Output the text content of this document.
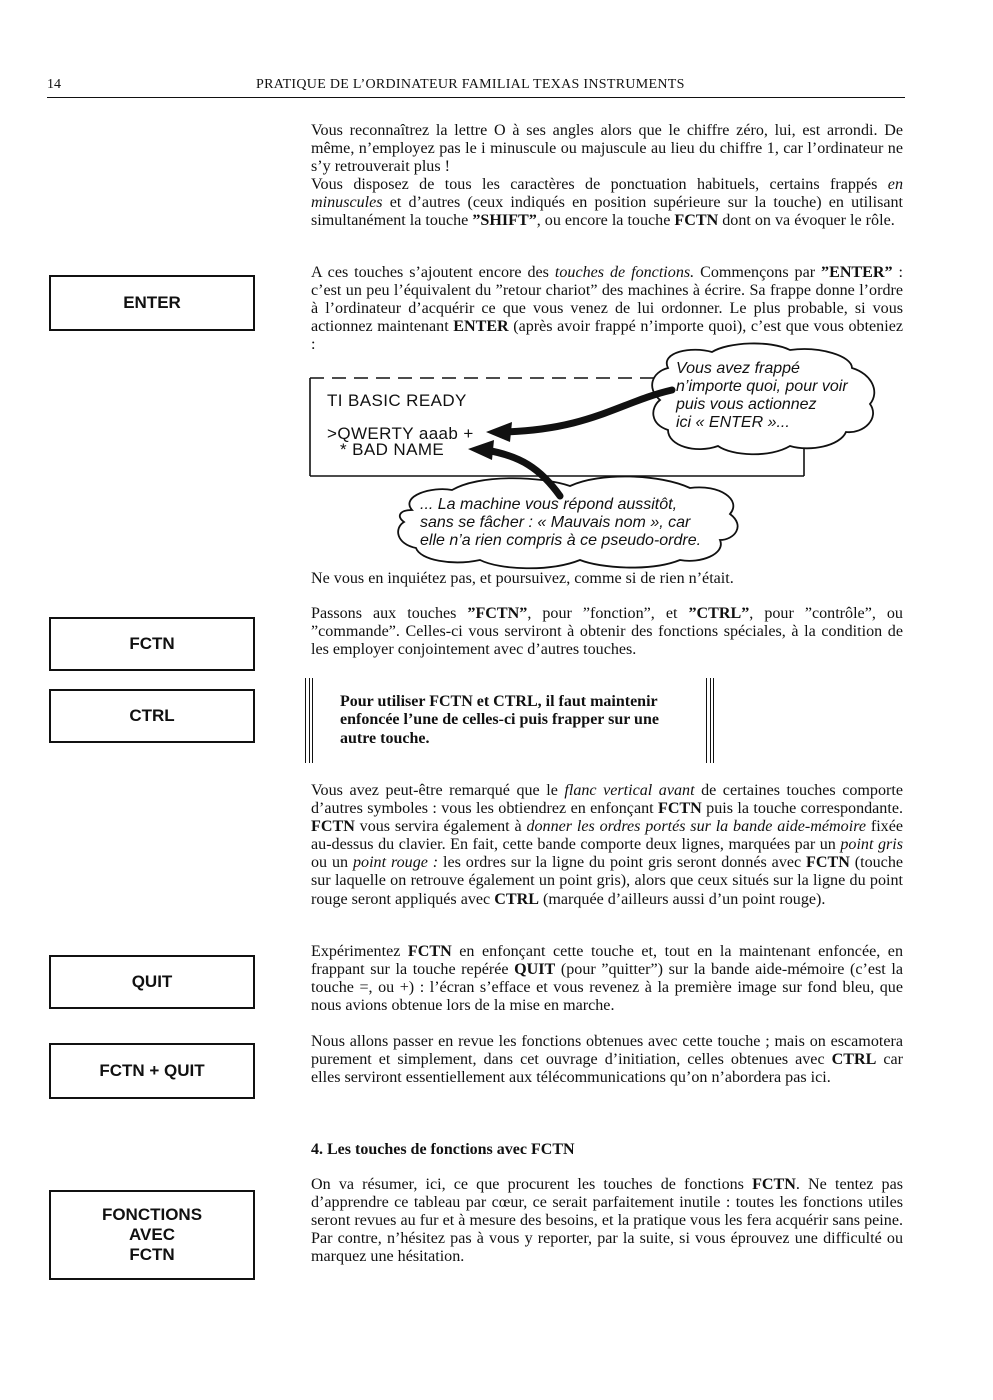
14	PRATIQUE DE L’ORDINATEUR FAMILIAL TEXAS INSTRUMENTS
ENTER
FCTN
CTRL
QUIT
FCTN + QUIT
FONCTIONS
AVEC
FCTN

Vous reconnaîtrez la lettre O à ses angles alors que le chiffre zéro, lui, est arrondi. De même, n’employez pas le i minuscule ou majuscule au lieu du chiffre 1, car l’ordinateur ne s’y retrouverait plus !

Vous disposez de tous les caractères de ponctuation habituels, certains frappés en minuscules et d’autres (ceux indiqués en position supérieure sur la touche) en utilisant simultanément la touche ”SHIFT”, ou encore la touche FCTN dont on va évoquer le rôle.

A ces touches s’ajoutent encore des touches de fonctions. Commençons par ”ENTER” : c’est un peu l’équivalent du ”retour chariot” des machines à écrire. Sa frappe donne l’ordre à l’ordinateur d’acquérir ce que vous venez de lui ordonner. Le plus probable, si vous actionnez maintenant ENTER (après avoir frappé n’importe quoi), c’est que vous obteniez :

Ne vous en inquiétez pas, et poursuivez, comme si de rien n’était.

Passons aux touches ”FCTN”, pour ”fonction”, et ”CTRL”, pour ”contrôle”, ou ”commande”. Celles-ci vous serviront à obtenir des fonctions spéciales, à la condition de les employer conjointement avec d’autres touches.

Vous avez peut-être remarqué que le flanc vertical avant de certaines touches comporte d’autres symboles : vous les obtiendrez en enfonçant FCTN puis la touche correspondante. FCTN vous servira également à donner les ordres portés sur la bande aide-mémoire fixée au-dessus du clavier. En fait, cette bande comporte deux lignes, marquées par un point gris ou un point rouge : les ordres sur la ligne du point gris seront donnés avec FCTN (touche sur laquelle on retrouve également un point gris), alors que ceux situés sur la ligne du point rouge seront appliqués avec CTRL (marquée d’ailleurs aussi d’un point rouge).

Expérimentez FCTN en enfonçant cette touche et, tout en la maintenant enfoncée, en frappant sur la touche repérée QUIT (pour ”quitter”) sur la bande aide-mémoire (c’est la touche =, ou +) : l’écran s’efface et vous revenez à la première image sur fond bleu, que nous avions obtenue lors de la mise en marche.

Nous allons passer en revue les fonctions obtenues avec cette touche ; mais on escamotera purement et simplement, dans cet ouvrage d’initiation, celles obtenues avec CTRL car elles serviront essentiellement aux télécommunications qu’on n’abordera pas ici.

4. Les touches de fonctions avec FCTN

On va résumer, ici, ce que procurent les touches de fonctions FCTN. Ne tentez pas d’apprendre ce tableau par cœur, ce serait parfaitement inutile : toutes les fonctions utiles seront revues au fur et à mesure des besoins, et la pratique vous les fera acquérir sans peine. Par contre, n’hésitez pas à vous y reporter, par la suite, si vous éprouvez une difficulté ou marquez une hésitation.

Pour utiliser FCTN et CTRL, il faut maintenir enfoncée l’une de celles-ci puis frapper sur une autre touche.

TI BASIC READY
>QWERTY aaab +
* BAD NAME
Vous avez frappé
n’importe quoi, pour voir
puis vous actionnez
ici « ENTER »...
... La machine vous répond aussitôt,
sans se fâcher : « Mauvais nom », car
elle n’a rien compris à ce pseudo-ordre.
